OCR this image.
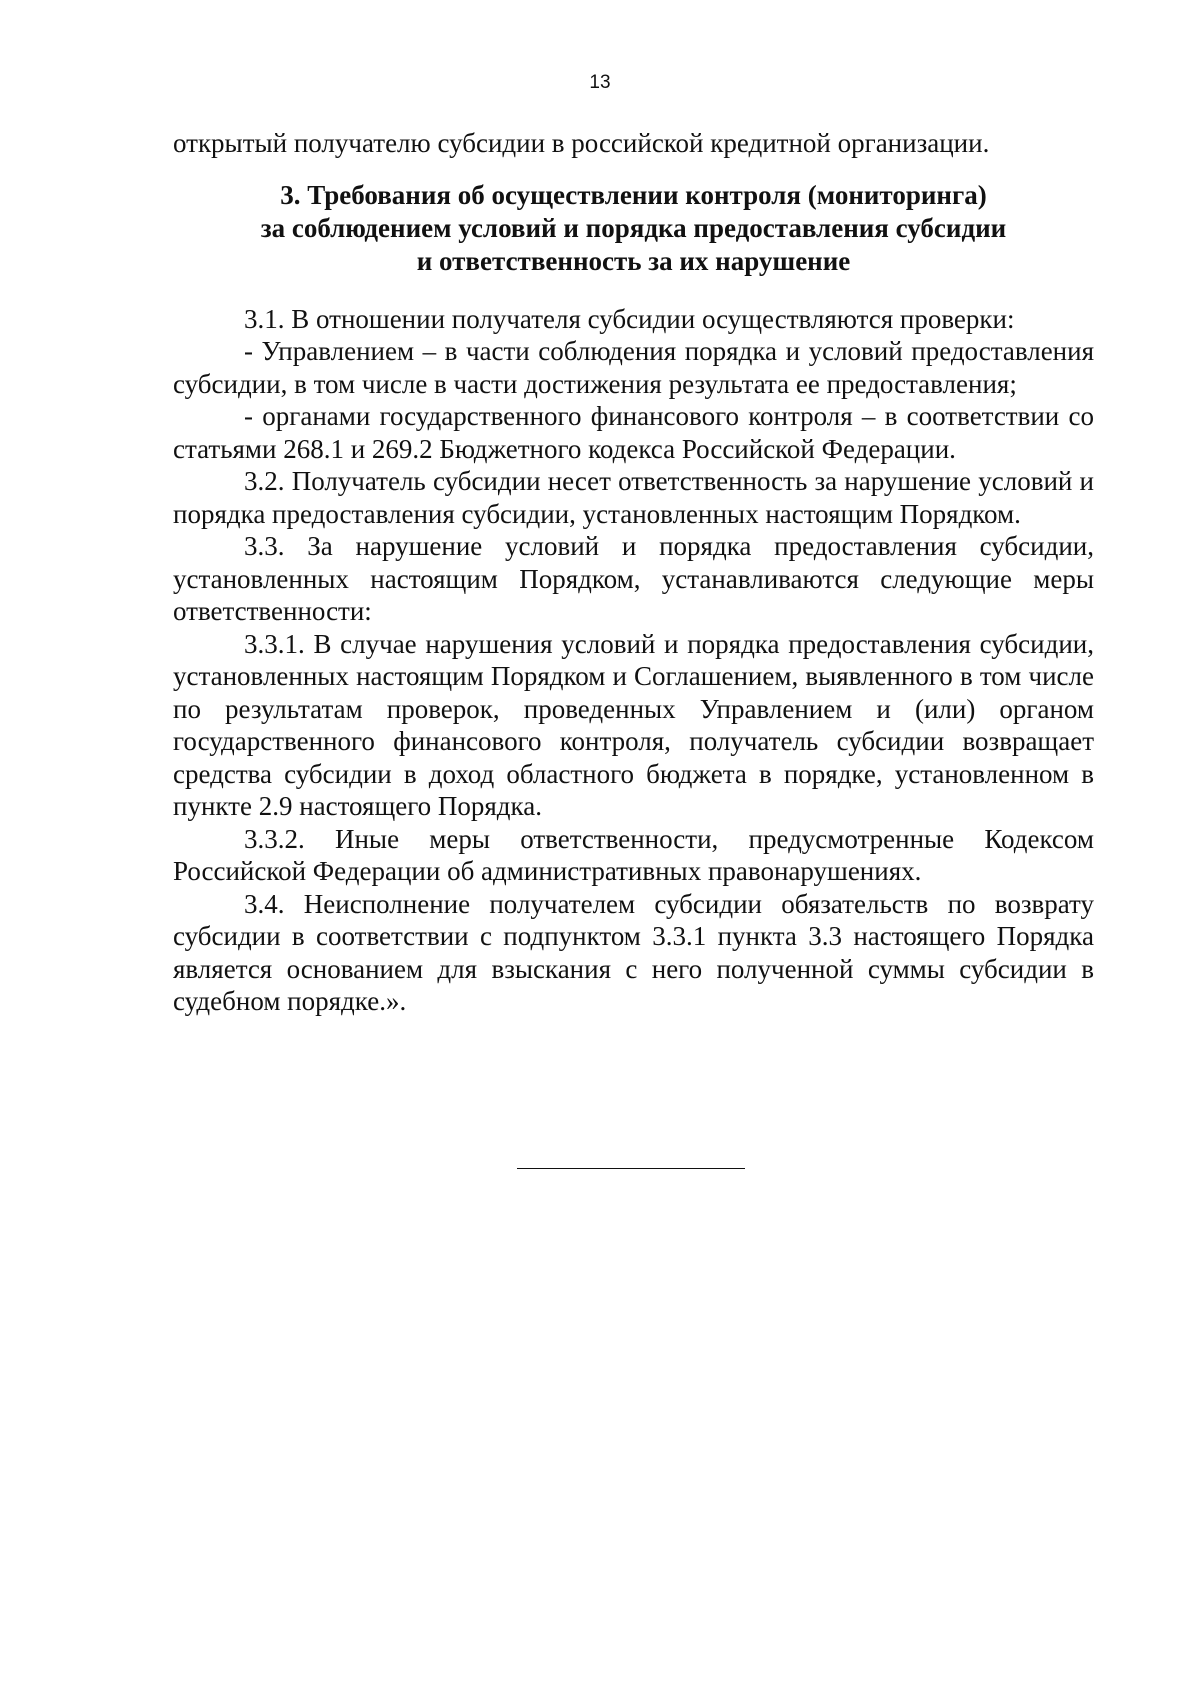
13

открытый получателю субсидии в российской кредитной организации.

3. Требования об осуществлении контроля (мониторинга)
за соблюдением условий и порядка предоставления субсидии
и ответственность за их нарушение

3.1. В отношении получателя субсидии осуществляются проверки:

- Управлением – в части соблюдения порядка и условий предоставления субсидии, в том числе в части достижения результата ее предоставления;

- органами государственного финансового контроля – в соответствии со статьями 268.1 и 269.2 Бюджетного кодекса Российской Федерации.

3.2. Получатель субсидии несет ответственность за нарушение условий и порядка предоставления субсидии, установленных настоящим Порядком.

3.3. За нарушение условий и порядка предоставления субсидии, установленных настоящим Порядком, устанавливаются следующие меры ответственности:

3.3.1. В случае нарушения условий и порядка предоставления субсидии, установленных настоящим Порядком и Соглашением, выявленного в том числе по результатам проверок, проведенных Управлением и (или) органом государственного финансового контроля, получатель субсидии возвращает средства субсидии в доход областного бюджета в порядке, установленном в пункте 2.9 настоящего Порядка.

3.3.2. Иные меры ответственности, предусмотренные Кодексом Российской Федерации об административных правонарушениях.

3.4. Неисполнение получателем субсидии обязательств по возврату субсидии в соответствии с подпунктом 3.3.1 пункта 3.3 настоящего Порядка является основанием для взыскания с него полученной суммы субсидии в судебном порядке.».
